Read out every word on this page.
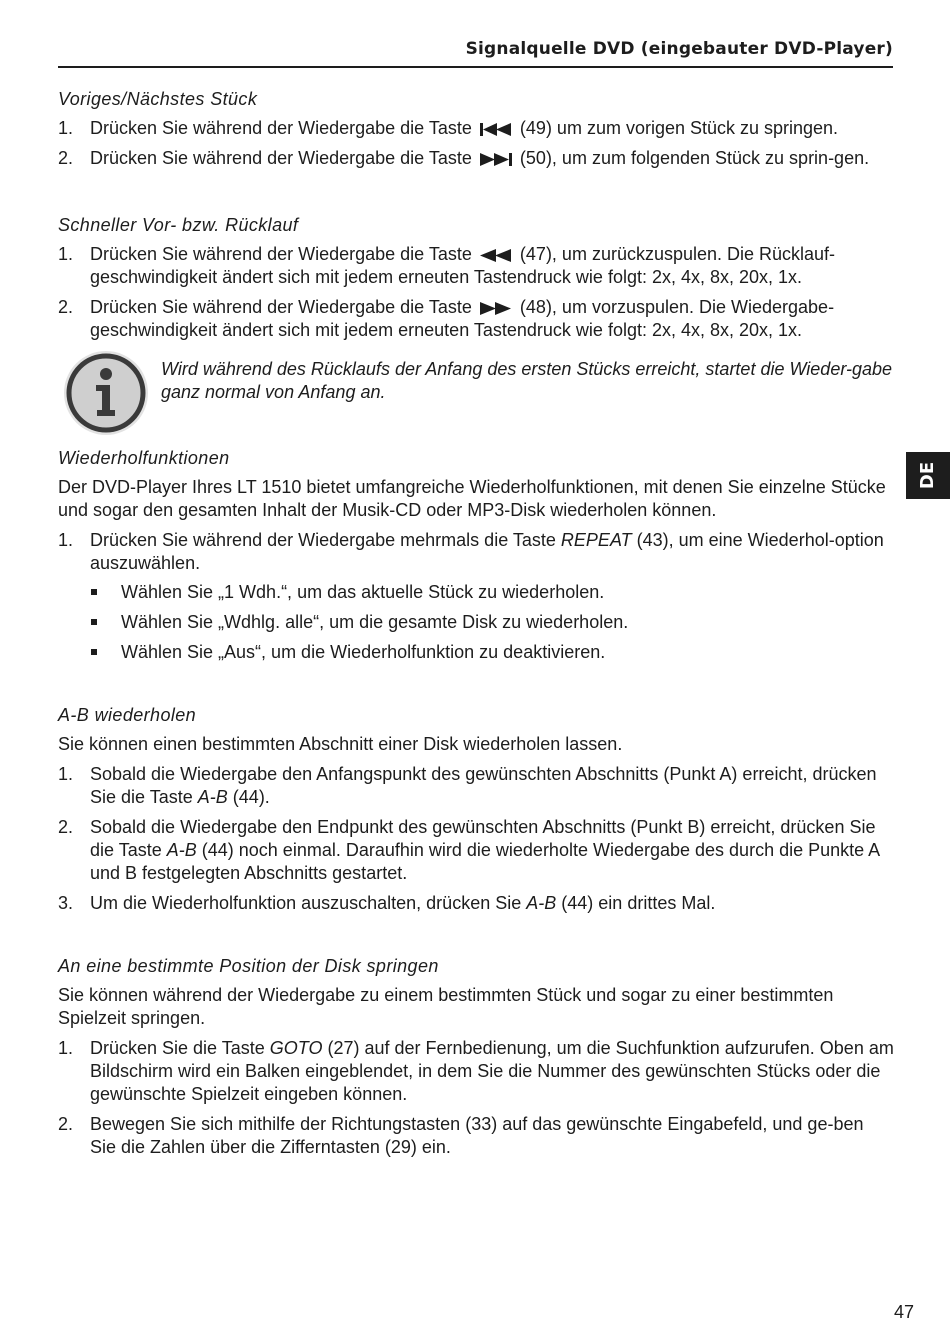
Signalquelle DVD (eingebauter DVD-Player)
DE
Voriges/Nächstes Stück
1. Drücken Sie während der Wiedergabe die Taste	(49) um zum vorigen Stück zu springen.
2. Drücken Sie während der Wiedergabe die Taste	(50), um zum folgenden Stück zu sprin-gen.
Schneller Vor- bzw. Rücklauf
1. Drücken Sie während der Wiedergabe die Taste	(47), um zurückzuspulen. Die Rücklauf-geschwindigkeit ändert sich mit jedem erneuten Tastendruck wie folgt: 2x, 4x, 8x, 20x, 1x.
2. Drücken Sie während der Wiedergabe die Taste	(48), um vorzuspulen. Die Wiedergabe-geschwindigkeit ändert sich mit jedem erneuten Tastendruck wie folgt: 2x, 4x, 8x, 20x, 1x.
Wird während des Rücklaufs der Anfang des ersten Stücks erreicht, startet die Wieder-gabe ganz normal von Anfang an.
Wiederholfunktionen

Der DVD-Player Ihres LT 1510 bietet umfangreiche Wiederholfunktionen, mit denen Sie einzelne Stücke und sogar den gesamten Inhalt der Musik-CD oder MP3-Disk wiederholen können.

1. Drücken Sie während der Wiedergabe mehrmals die Taste REPEAT (43), um eine Wiederhol-option auszuwählen.
Wählen Sie „1 Wdh.“, um das aktuelle Stück zu wiederholen.
Wählen Sie „Wdhlg. alle“, um die gesamte Disk zu wiederholen.
Wählen Sie „Aus“, um die Wiederholfunktion zu deaktivieren.
A-B wiederholen

Sie können einen bestimmten Abschnitt einer Disk wiederholen lassen.

1. Sobald die Wiedergabe den Anfangspunkt des gewünschten Abschnitts (Punkt A) erreicht, drücken Sie die Taste A-B (44).
2. Sobald die Wiedergabe den Endpunkt des gewünschten Abschnitts (Punkt B) erreicht, drücken Sie die Taste A-B (44) noch einmal. Daraufhin wird die wiederholte Wiedergabe des durch die Punkte A und B festgelegten Abschnitts gestartet.
3. Um die Wiederholfunktion auszuschalten, drücken Sie A-B (44) ein drittes Mal.
An eine bestimmte Position der Disk springen

Sie können während der Wiedergabe zu einem bestimmten Stück und sogar zu einer bestimmten Spielzeit springen.

1. Drücken Sie die Taste GOTO (27) auf der Fernbedienung, um die Suchfunktion aufzurufen. Oben am Bildschirm wird ein Balken eingeblendet, in dem Sie die Nummer des gewünschten Stücks oder die gewünschte Spielzeit eingeben können.
2. Bewegen Sie sich mithilfe der Richtungstasten (33) auf das gewünschte Eingabefeld, und ge-ben Sie die Zahlen über die Zifferntasten (29) ein.
47
